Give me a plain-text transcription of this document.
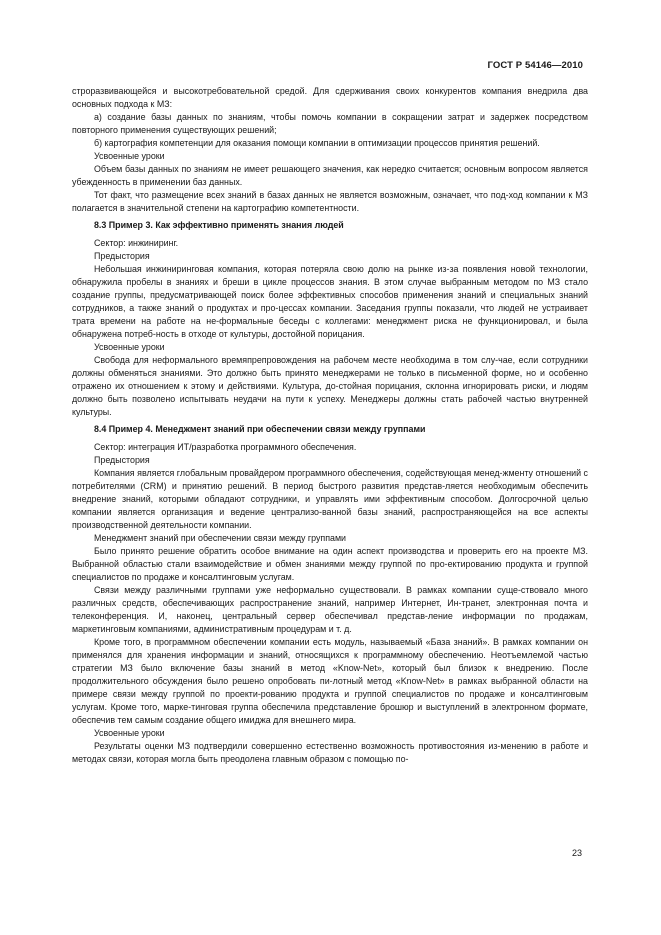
ГОСТ Р 54146—2010

строразвивающейся и высокотребовательной средой. Для сдерживания своих конкурентов компания внедрила два основных подхода к МЗ:

а) создание базы данных по знаниям, чтобы помочь компании в сокращении затрат и задержек посредством повторного применения существующих решений;

б) картография компетенции для оказания помощи компании в оптимизации процессов принятия решений.

Усвоенные уроки

Объем базы данных по знаниям не имеет решающего значения, как нередко считается; основным вопросом является убежденность в применении баз данных.

Тот факт, что размещение всех знаний в базах данных не является возможным, означает, что под-ход компании к МЗ полагается в значительной степени на картографию компетентности.

8.3 Пример 3. Как эффективно применять знания людей

Сектор: инжиниринг.

Предыстория

Небольшая инжиниринговая компания, которая потеряла свою долю на рынке из-за появления новой технологии, обнаружила пробелы в знаниях и бреши в цикле процессов знания. В этом случае выбранным методом по МЗ стало создание группы, предусматривающей поиск более эффективных способов применения знаний и специальных знаний сотрудников, а также знаний о продуктах и про-цессах компании. Заседания группы показали, что людей не устраивает трата времени на работе на не-формальные беседы с коллегами: менеджмент риска не функционировал, и была обнаружена потреб-ность в отходе от культуры, достойной порицания.

Усвоенные уроки

Свобода для неформального времяпрепровождения на рабочем месте необходима в том слу-чае, если сотрудники должны обменяться знаниями. Это должно быть принято менеджерами не только в письменной форме, но и особенно отражено их отношением к этому и действиями. Культура, до-стойная порицания, склонна игнорировать риски, и людям должно быть позволено испытывать неудачи на пути к успеху. Менеджеры должны стать рабочей частью внутренней культуры.

8.4 Пример 4. Менеджмент знаний при обеспечении связи между группами

Сектор: интеграция ИТ/разработка программного обеспечения.

Предыстория

Компания является глобальным провайдером программного обеспечения, содействующая менед-жменту отношений с потребителями (CRM) и принятию решений. В период быстрого развития представ-ляется необходимым обеспечить внедрение знаний, которыми обладают сотрудники, и управлять ими эффективным способом. Долгосрочной целью компании является организация и ведение централизо-ванной базы знаний, распространяющейся на все аспекты производственной деятельности компании.

Менеджмент знаний при обеспечении связи между группами

Было принято решение обратить особое внимание на один аспект производства и проверить его на проекте МЗ. Выбранной областью стали взаимодействие и обмен знаниями между группой по про-ектированию продукта и группой специалистов по продаже и консалтинговым услугам.

Связи между различными группами уже неформально существовали. В рамках компании суще-ствовало много различных средств, обеспечивающих распространение знаний, например Интернет, Ин-транет, электронная почта и телеконференция. И, наконец, центральный сервер обеспечивал представ-ление информации по продажам, маркетинговым компаниями, административным процедурам и т. д.

Кроме того, в программном обеспечении компании есть модуль, называемый «База знаний». В рамках компании он применялся для хранения информации и знаний, относящихся к программному обеспечению. Неотъемлемой частью стратегии МЗ было включение базы знаний в метод «Know-Net», который был близок к внедрению. После продолжительного обсуждения было решено опробовать пи-лотный метод «Know-Net» в рамках выбранной области на примере связи между группой по проекти-рованию продукта и группой специалистов по продаже и консалтинговым услугам. Кроме того, марке-тинговая группа обеспечила представление брошюр и выступлений в электронном формате, обеспечив тем самым создание общего имиджа для внешнего мира.

Усвоенные уроки

Результаты оценки МЗ подтвердили совершенно естественно возможность противостояния из-менению в работе и методах связи, которая могла быть преодолена главным образом с помощью по-

23
